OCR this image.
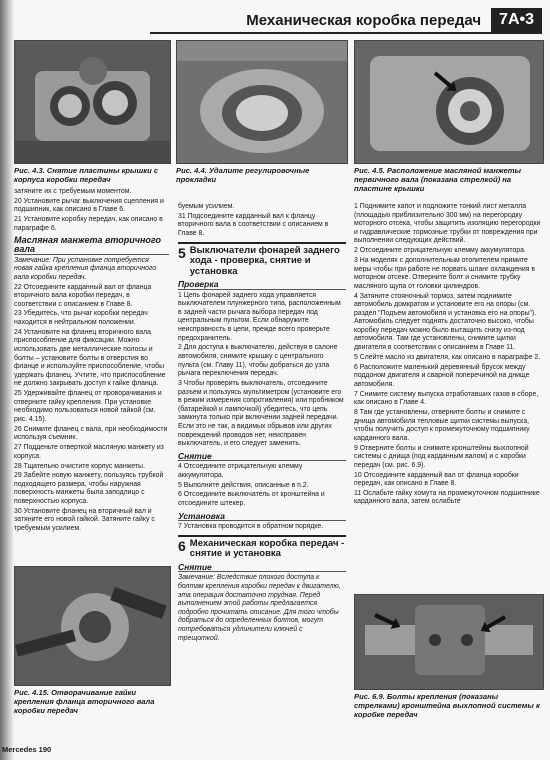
Механическая коробка передач	7A•3
Рис. 4.3. Снятие пластины крышки с корпуса коробки передач
Рис. 4.4. Удалите регулировочные прокладки
Рис. 4.5. Расположение масляной манжеты первичного вала (показана стрелкой) на пластине крышки

затяните их с требуемым моментом.

20 Установите рычаг выключения сцепления и подшипник, как описано в Главе 6.

21 Установите коробку передач, как описано в параграфе 6.

Масляная манжета вторичного вала

Замечание: При установке потребуется новая гайка крепления фланца вторичного вала коробки передач.

22 Отсоедините карданный вал от фланца вторичного вала коробки передач, в соответствии с описанием в Главе 8.

23 Убедитесь, что рычаг коробки передач находится в нейтральном положении.

24 Установите на фланец вторичного вала приспособление для фиксации. Можно использовать две металлические полосы и болты – установите болты в отверстия во фланце и используйте приспособление, чтобы удержать фланец. Учтите, что приспособление не должно закрывать доступ к гайке фланца.

25 Удерживайте фланец от проворачивания и отверните гайку крепления. При установке необходимо пользоваться новой гайкой (см. рис. 4.15).

26 Снимите фланец с вала, при необходимости используя съемник.

27 Подденьте отверткой масляную манжету из корпуса.

28 Тщательно очистите корпус манжеты.

29 Забейте новую манжету, пользуясь трубкой подходящего размера, чтобы наружная поверхность манжеты была заподлицо с поверхностью корпуса.

30 Установите фланец на вторичный вал и затяните его новой гайкой. Затяните гайку с требуемым усилием.

Рис. 4.15. Отворачивание гайки крепления фланца вторичного вала коробки передач

буемым усилием.

31 Подсоедините карданный вал к фланцу вторичного вала в соответствии с описанием в Главе 8.

5 Выключатели фонарей заднего хода - проверка, снятие и установка
Проверка

1 Цепь фонарей заднего хода управляется выключателем плунжерного типа, расположенным в задней части рычага выбора передач под центральным пультом. Если обнаружите неисправность в цепи, прежде всего проверьте предохранитель.

2 Для доступа к выключателю, действуя в салоне автомобиля, снимите крышку с центрального пульта (см. Главу 11), чтобы добраться до узла рычага переключения передач.

3 Чтобы проверить выключатель, отсоедините разъем и пользуясь мультиметром (установите его в режим измерения сопротивления) или пробником (батарейкой и лампочкой) убедитесь, что цепь замкнута только при включении задней передачи. Если это не так, а видимых обрывов или других повреждений проводов нет, неисправен выключатель, и его следует заменить.

Снятие

4 Отсоедините отрицательную клемму аккумулятора.

5 Выполните действия, описанные в п.2.

6 Отсоедините выключатель от кронштейна и отсоедините штекер.

Установка

7 Установка проводится в обратном порядке.

6 Механическая коробка передач - снятие и установка
Снятие

Замечание: Вследствие плохого доступа к болтам крепления коробки передач к двигателю, эта операция достаточно трудная. Перед выполнением этой работы предлагается подробно прочитать описание. Для того чтобы добраться до определенных болтов, могут потребоваться удлинители ключей с трещоткой.

1 Поднимите капот и подложите тонкий лист металла (площадью приблизительно 300 мм) на перегородку моторного отсека, чтобы защитить изоляцию перегородки и гидравлические тормозные трубки от повреждения при выполнении следующих действий.

2 Отсоедините отрицательную клемму аккумулятора.

3 На моделях с дополнительным отопителем примите меры чтобы при работе не порвать шланг охлаждения в моторном отсеке. Отверните болт и снимите трубку масляного щупа от головки цилиндров.

4 Затяните стояночный тормоз, затем поднимите автомобиль домкратом и установите его на опоры (см. раздел "Подъем автомобиля и установка его на опоры"). Автомобиль следует поднять достаточно высоко, чтобы коробку передач можно было вытащить снизу из-под автомобиля. Там где установлены, снимите щитки двигателя в соответствии с описанием в Главе 11.

5 Слейте масло из двигателя, как описано в параграфе 2.

6 Расположите маленький деревянный брусок между поддоном двигателя и сварной поперечиной на днище автомобиля.

7 Снимите систему выпуска отработавших газов в сборе, как описано в Главе 4.

8 Там где установлены, отверните болты и снимите с днища автомобиля тепловые щитки системы выпуска, чтобы получить доступ к промежуточному подшипнику карданного вала.

9 Отверните болты и снимите кронштейны выхлопной системы с днища (под карданным валом) и с коробки передач (см. рис. 6.9).

10 Отсоедините карданный вал от фланца коробки передач, как описано в Главе 8.

11 Ослабьте гайку хомута на промежуточном подшипнике карданного вала, затем ослабьте

Рис. 6.9. Болты крепления (показаны стрелками) кронштейна выхлопной системы к коробке передач
Mercedes 190
